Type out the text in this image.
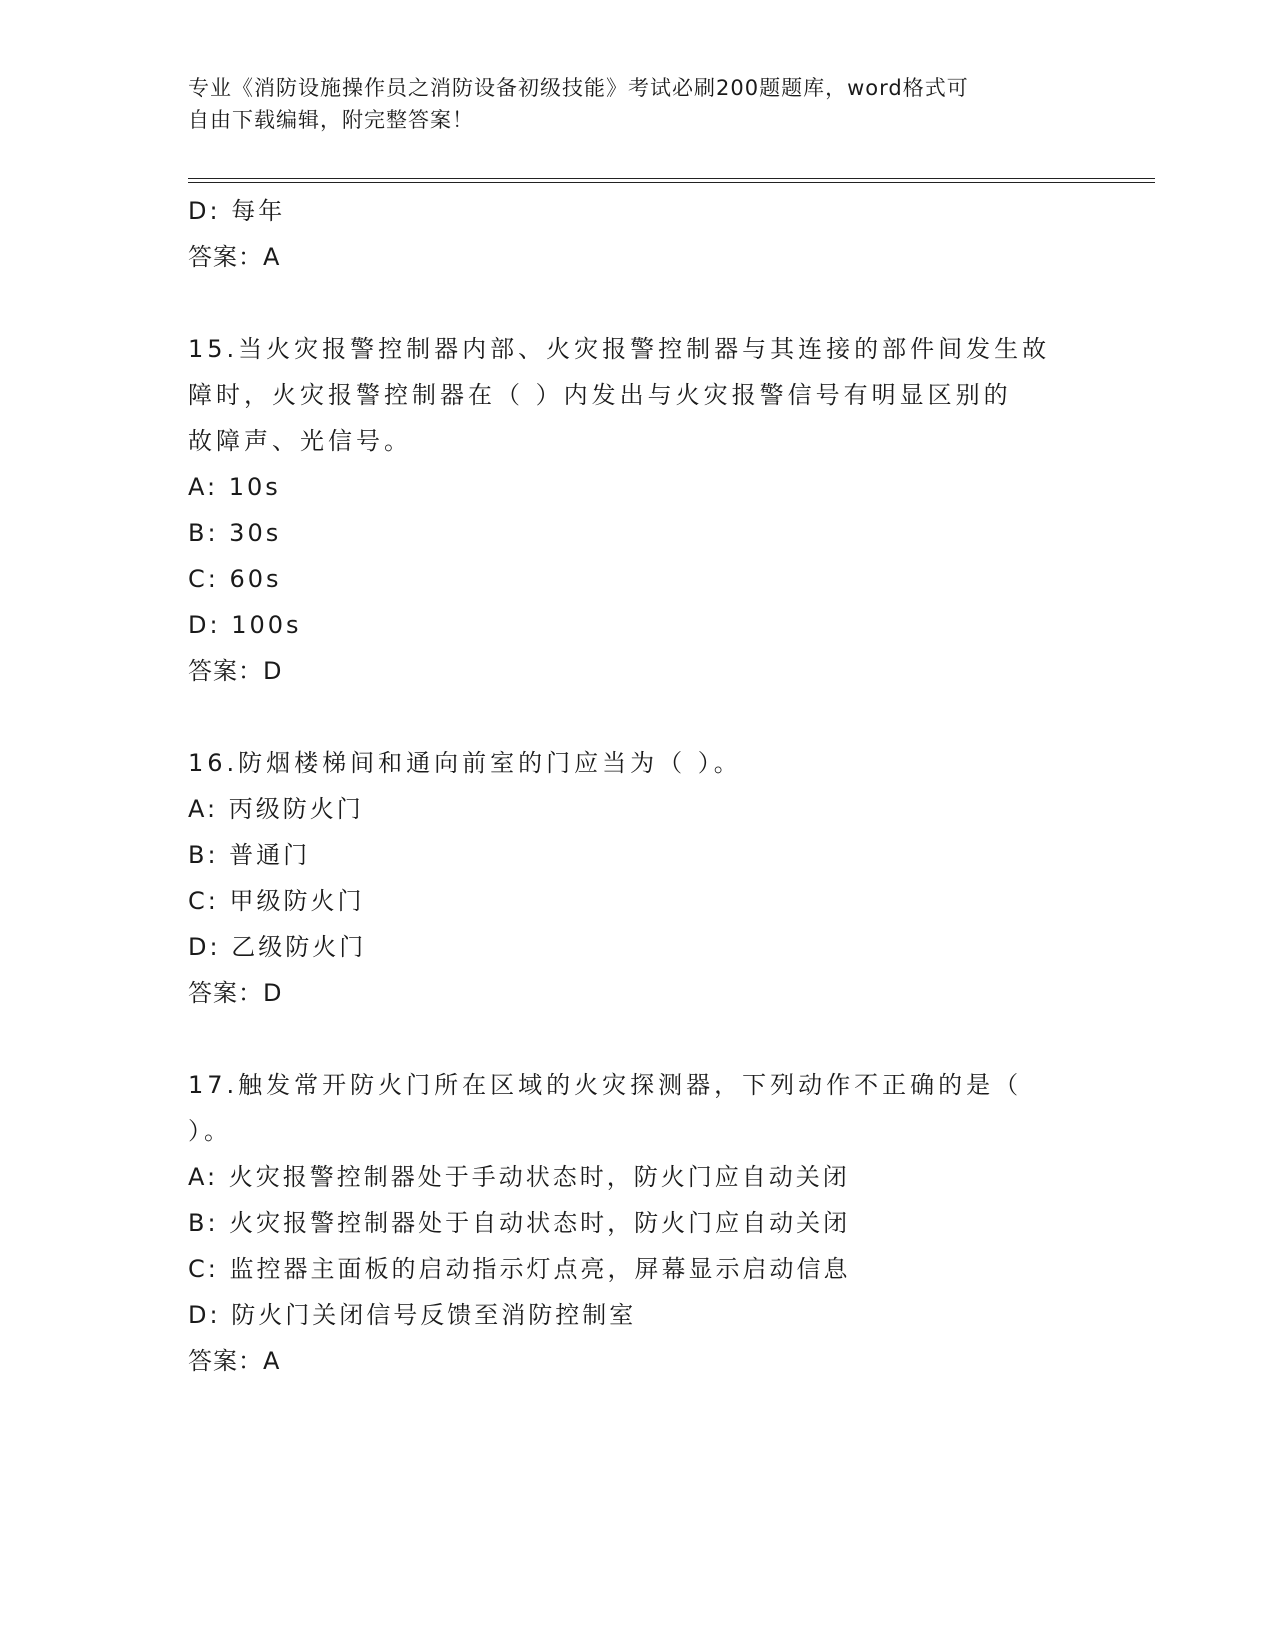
专业《消防设施操作员之消防设备初级技能》考试必刷200题题库，word格式可
自由下载编辑，附完整答案！
D: 每年
答案：A
15.当火灾报警控制器内部、火灾报警控制器与其连接的部件间发生故
障时，火灾报警控制器在（ ）内发出与火灾报警信号有明显区别的
故障声、光信号。
A: 10s
B: 30s
C: 60s
D: 100s
答案：D
16.防烟楼梯间和通向前室的门应当为（ ）。
A: 丙级防火门
B: 普通门
C: 甲级防火门
D: 乙级防火门
答案：D
17.触发常开防火门所在区域的火灾探测器，下列动作不正确的是（
）。
A: 火灾报警控制器处于手动状态时，防火门应自动关闭
B: 火灾报警控制器处于自动状态时，防火门应自动关闭
C: 监控器主面板的启动指示灯点亮，屏幕显示启动信息
D: 防火门关闭信号反馈至消防控制室
答案：A
